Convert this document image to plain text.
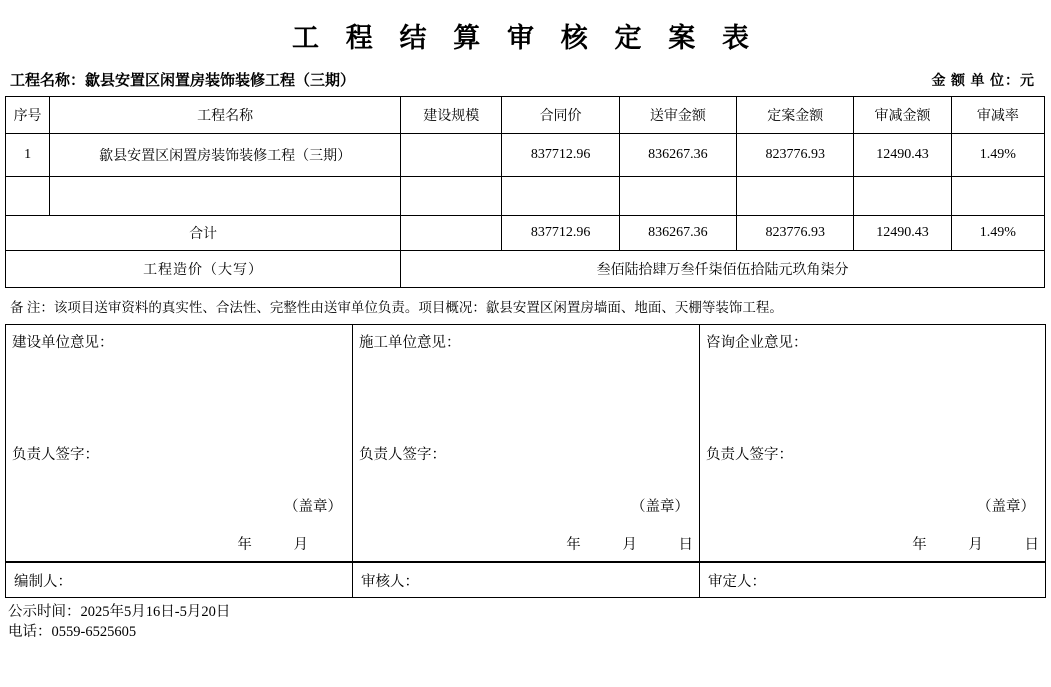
工 程 结 算 审 核 定 案 表
工程名称：歙县安置区闲置房装饰装修工程（三期）	金 额 单 位：元
序号	工程名称	建设规模	合同价	送审金额	定案金额	审减金额	审减率
1	歙县安置区闲置房装饰装修工程（三期）		837712.96	836267.36	823776.93	12490.43	1.49%

合计			837712.96	836267.36	823776.93	12490.43	1.49%
工程造价（大写）		叁佰陆拾肆万叁仟柒佰伍拾陆元玖角柒分					
备 注：该项目送审资料的真实性、合法性、完整性由送审单位负责。项目概况：歙县安置区闲置房墙面、地面、天棚等装饰工程。
建设单位意见：
负责人签字：
（盖章）
年	月

施工单位意见：
负责人签字：
（盖章）
年	月	日

咨询企业意见：
负责人签字：
（盖章）
年	月	日
编制人：	审核人：	审定人：
公示时间：2025年5月16日-5月20日
电话：0559-6525605
